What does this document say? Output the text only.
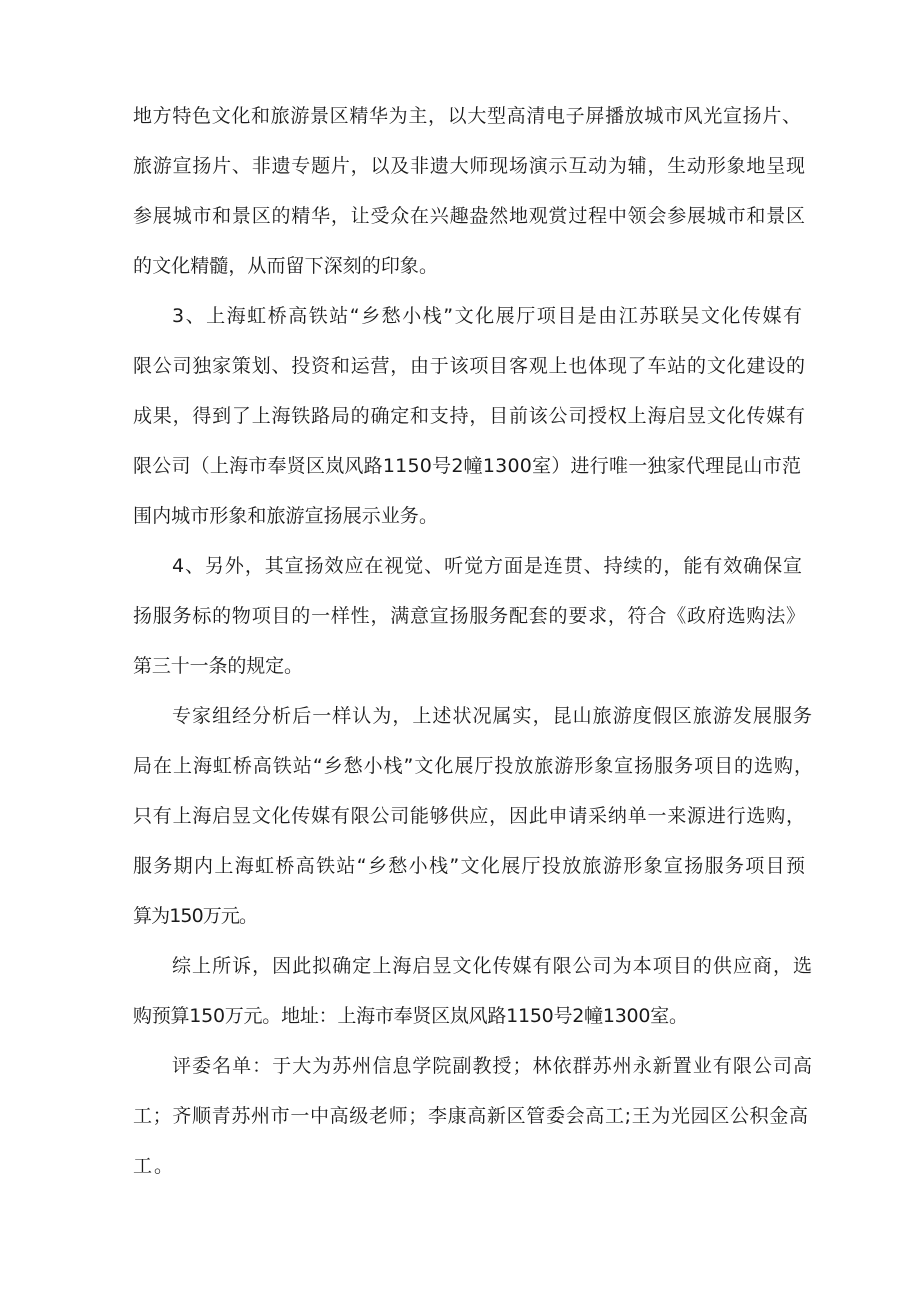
地方特色文化和旅游景区精华为主，以大型高清电子屏播放城市风光宣扬片、
旅游宣扬片、非遗专题片，以及非遗大师现场演示互动为辅，生动形象地呈现
参展城市和景区的精华，让受众在兴趣盎然地观赏过程中领会参展城市和景区
的文化精髓，从而留下深刻的印象。
3、上海虹桥高铁站“乡愁小栈”文化展厅项目是由江苏联吴文化传媒有
限公司独家策划、投资和运营，由于该项目客观上也体现了车站的文化建设的
成果，得到了上海铁路局的确定和支持，目前该公司授权上海启昱文化传媒有
限公司（上海市奉贤区岚风路1150号2幢1300室）进行唯一独家代理昆山市范
围内城市形象和旅游宣扬展示业务。
4、另外，其宣扬效应在视觉、听觉方面是连贯、持续的，能有效确保宣
扬服务标的物项目的一样性，满意宣扬服务配套的要求，符合《政府选购法》
第三十一条的规定。
专家组经分析后一样认为，上述状况属实，昆山旅游度假区旅游发展服务
局在上海虹桥高铁站“乡愁小栈”文化展厅投放旅游形象宣扬服务项目的选购，
只有上海启昱文化传媒有限公司能够供应，因此申请采纳单一来源进行选购，
服务期内上海虹桥高铁站“乡愁小栈”文化展厅投放旅游形象宣扬服务项目预
算为150万元。
综上所诉，因此拟确定上海启昱文化传媒有限公司为本项目的供应商，选
购预算150万元。地址：上海市奉贤区岚风路1150号2幢1300室。
评委名单：于大为苏州信息学院副教授；林依群苏州永新置业有限公司高
工；齐顺青苏州市一中高级老师；李康高新区管委会高工;王为光园区公积金高
工。
